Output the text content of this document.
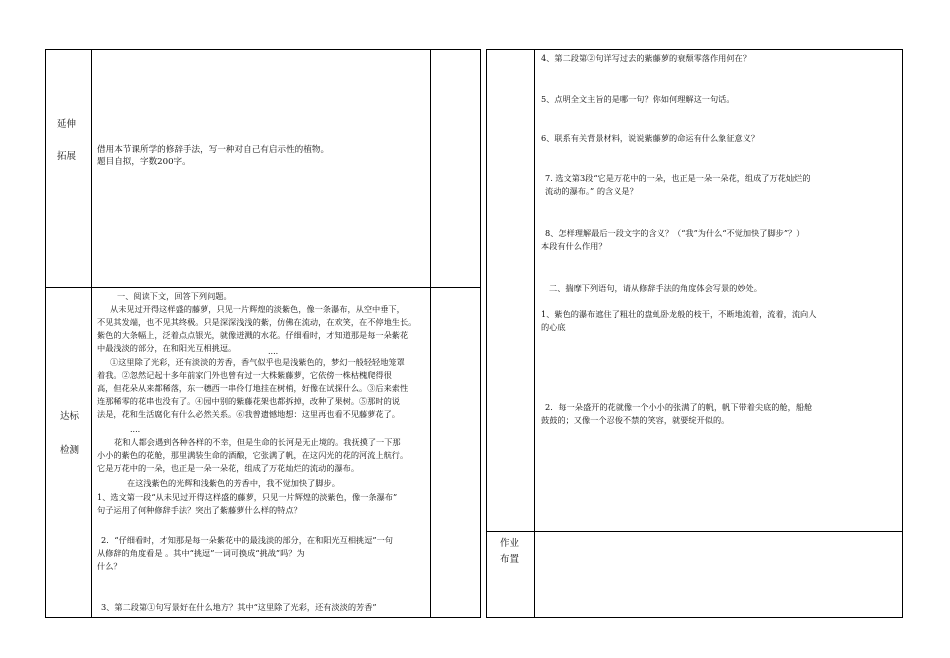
延伸
拓展
借用本节课所学的修辞手法，写一种对自己有启示性的植物。
题目自拟，字数200字。
达标
检测
一、阅读下文，回答下列问题。
从未见过开得这样盛的藤萝，只见一片辉煌的淡紫色，像一条瀑布，从空中垂下，
不见其发端，也不见其终极。只是深深浅浅的紫，仿佛在流动，在欢笑，在不停地生长。
紫色的大条幅上，泛着点点银光，就像迸溅的水花。仔细看时，才知道那是每一朵紫花
中最浅淡的部分，在和阳光互相挑逗。	....
①这里除了光彩，还有淡淡的芳香，香气似乎也是浅紫色的，梦幻一般轻轻地笼罩
着我。②忽然记起十多年前家门外也曾有过一大株紫藤萝，它依傍一株枯槐爬得很
高，但花朵从来都稀落，东一穗西一串伶仃地挂在树梢，好像在试探什么。③后来索性
连那稀零的花串也没有了。④园中别的紫藤花架也都拆掉，改种了果树。⑤那时的说
法是，花和生活腐化有什么必然关系。⑥我曾遗憾地想：这里再也看不见藤萝花了。
....
花和人都会遇到各种各样的不幸，但是生命的长河是无止境的。我抚摸了一下那
小小的紫色的花舱，那里满装生命的酒酿，它张满了帆，在这闪光的花的河流上航行。
它是万花中的一朵，也正是一朵一朵花，组成了万花灿烂的流动的瀑布。
在这浅紫色的光辉和浅紫色的芳香中，我不觉加快了脚步。
1、选文第一段“从未见过开得这样盛的藤萝，只见一片辉煌的淡紫色，像一条瀑布”
句子运用了何种修辞手法？突出了紫藤萝什么样的特点？
2．“仔细看时，才知那是每一朵紫花中的最浅淡的部分，在和阳光互相挑逗”一句
从修辞的角度看是 。其中“挑逗”一词可换成“挑战”吗？为
什么？
3、第二段第①句写景好在什么地方？其中“这里除了光彩，还有淡淡的芳香”
4、第二段第②句详写过去的紫藤萝的衰颓零落作用何在？
5、点明全文主旨的是哪一句？你如何理解这一句话。
6、联系有关背景材料，说说紫藤萝的命运有什么象征意义？
7. 选文第3段“它是万花中的一朵，也正是一朵一朵花，组成了万花灿烂的
流动的瀑布。” 的含义是？
8、怎样理解最后一段文字的含义？（“我”为什么“不觉加快了脚步”？）
本段有什么作用？
二、揣摩下列语句，请从修辞手法的角度体会写景的妙处。
1、紫色的瀑布遮住了粗壮的盘虬卧龙般的枝干，不断地流着，流着，流向人
的心底
2．每一朵盛开的花就像一个小小的张满了的帆，帆下带着尖底的舱，船舱
鼓鼓的；又像一个忍俊不禁的笑容，就要绽开似的。
作业
布置
